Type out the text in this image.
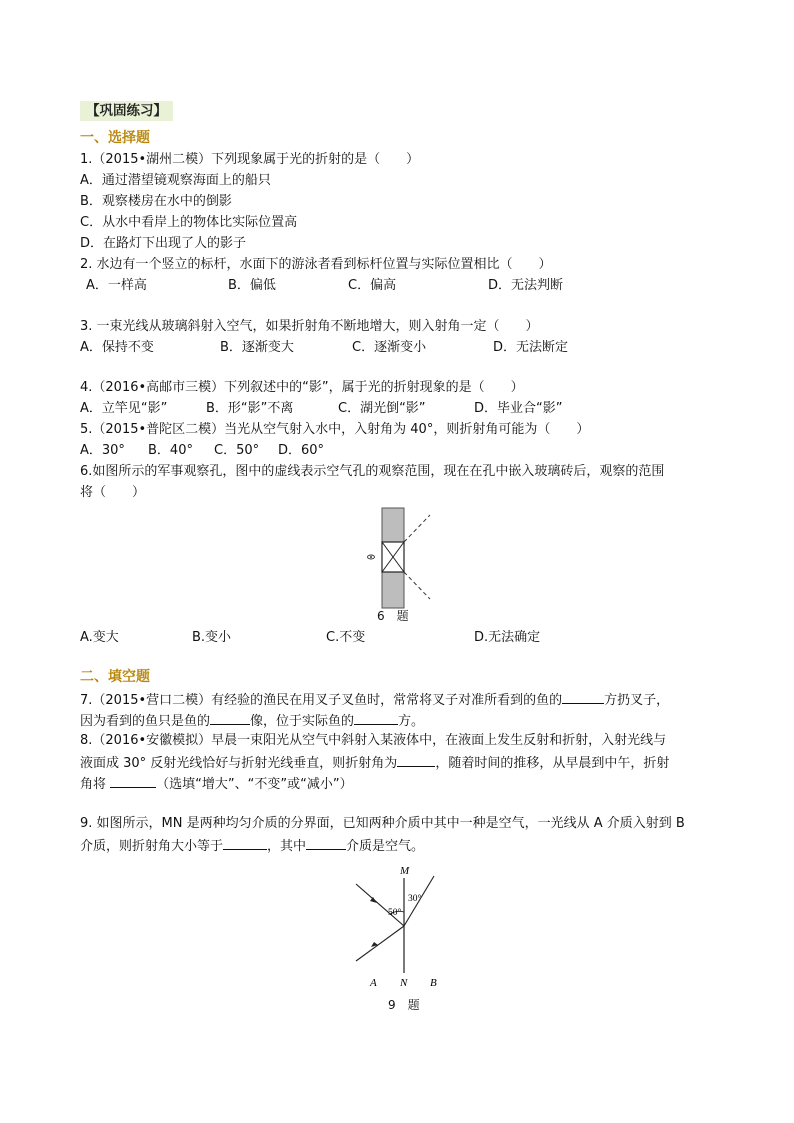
【巩固练习】
一、选择题
1.（2015•湖州二模）下列现象属于光的折射的是（　　）
A．通过潜望镜观察海面上的船只
B．观察楼房在水中的倒影
C．从水中看岸上的物体比实际位置高
D．在路灯下出现了人的影子
2. 水边有一个竖立的标杆，水面下的游泳者看到标杆位置与实际位置相比（　　）
A．一样高	B．偏低	C．偏高	D．无法判断
3. 一束光线从玻璃斜射入空气，如果折射角不断地增大，则入射角一定（　　）
A．保持不变	B．逐渐变大	C．逐渐变小	D．无法断定
4.（2016•高邮市三模）下列叙述中的“影”，属于光的折射现象的是（　　）
A．立竿见“影”	B．形“影”不离	C．湖光倒“影”	D．毕业合“影”
5.（2015•普陀区二模）当光从空气射入水中，入射角为 40°，则折射角可能为（　　）
A．30° B．40° C．50° D．60°
6.如图所示的军事观察孔，图中的虚线表示空气孔的观察范围，现在在孔中嵌入玻璃砖后，观察的范围
将（　　）
6　题
A.变大	B.变小	C.不变	D.无法确定
二、填空题
7.（2015•营口二模）有经验的渔民在用叉子叉鱼时，常常将叉子对准所看到的鱼的	方扔叉子，
因为看到的鱼只是鱼的	像，位于实际鱼的	方。
8.（2016•安徽模拟）早晨一束阳光从空气中斜射入某液体中，在液面上发生反射和折射，入射光线与
液面成 30° 反射光线恰好与折射光线垂直，则折射角为	，随着时间的推移，从早晨到中午，折射
角将	（选填“增大”、“不变”或“减小”）
9. 如图所示，MN 是两种均匀介质的分界面，已知两种介质中其中一种是空气，一光线从 A 介质入射到 B
介质，则折射角大小等于	，其中	介质是空气。
M
N
50°
30°
A	B
9　题
